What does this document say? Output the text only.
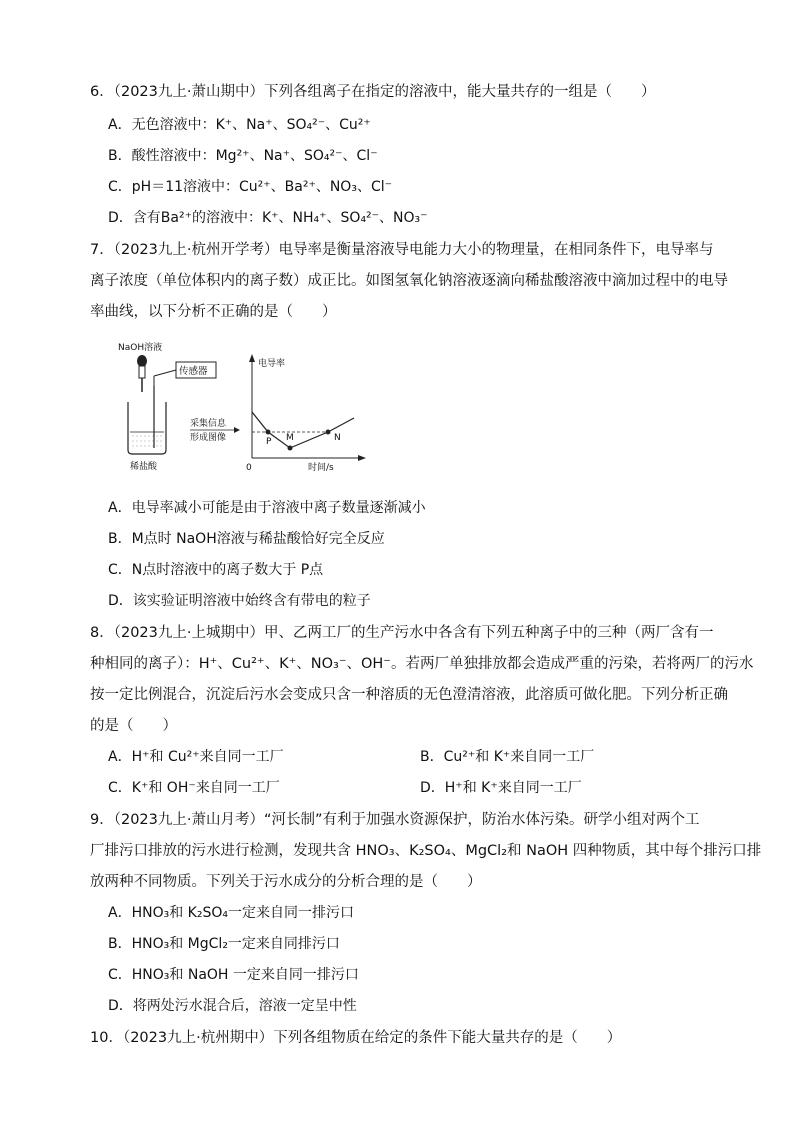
6．（2023九上·萧山期中）下列各组离子在指定的溶液中，能大量共存的一组是（　　）
A．无色溶液中：K⁺、Na⁺、SO₄²⁻、Cu²⁺
B．酸性溶液中：Mg²⁺、Na⁺、SO₄²⁻、Cl⁻
C．pH＝11溶液中：Cu²⁺、Ba²⁺、NO₃、Cl⁻
D．含有Ba²⁺的溶液中：K⁺、NH₄⁺、SO₄²⁻、NO₃⁻
7．（2023九上·杭州开学考）电导率是衡量溶液导电能力大小的物理量，在相同条件下，电导率与
离子浓度（单位体积内的离子数）成正比。如图氢氧化钠溶液逐滴向稀盐酸溶液中滴加过程中的电导
率曲线，以下分析不正确的是（　　）
NaOH溶液
稀盐酸
传感器
采集信息
形成图像
电导率
时间/s
0
P M	N
A．电导率减小可能是由于溶液中离子数量逐渐减小
B．M点时 NaOH溶液与稀盐酸恰好完全反应
C．N点时溶液中的离子数大于 P点
D．该实验证明溶液中始终含有带电的粒子
8．（2023九上·上城期中）甲、乙两工厂的生产污水中各含有下列五种离子中的三种（两厂含有一
种相同的离子）：H⁺、Cu²⁺、K⁺、NO₃⁻、OH⁻。若两厂单独排放都会造成严重的污染，若将两厂的污水
按一定比例混合，沉淀后污水会变成只含一种溶质的无色澄清溶液，此溶质可做化肥。下列分析正确
的是（　　）
A．H⁺和 Cu²⁺来自同一工厂	B．Cu²⁺和 K⁺来自同一工厂
C．K⁺和 OH⁻来自同一工厂	D．H⁺和 K⁺来自同一工厂
9．（2023九上·萧山月考）“河长制”有利于加强水资源保护，防治水体污染。研学小组对两个工
厂排污口排放的污水进行检测，发现共含 HNO₃、K₂SO₄、MgCl₂和 NaOH 四种物质，其中每个排污口排
放两种不同物质。下列关于污水成分的分析合理的是（　　）
A．HNO₃和 K₂SO₄一定来自同一排污口
B．HNO₃和 MgCl₂一定来自同排污口
C．HNO₃和 NaOH 一定来自同一排污口
D．将两处污水混合后，溶液一定呈中性
10．（2023九上·杭州期中）下列各组物质在给定的条件下能大量共存的是（　　）
